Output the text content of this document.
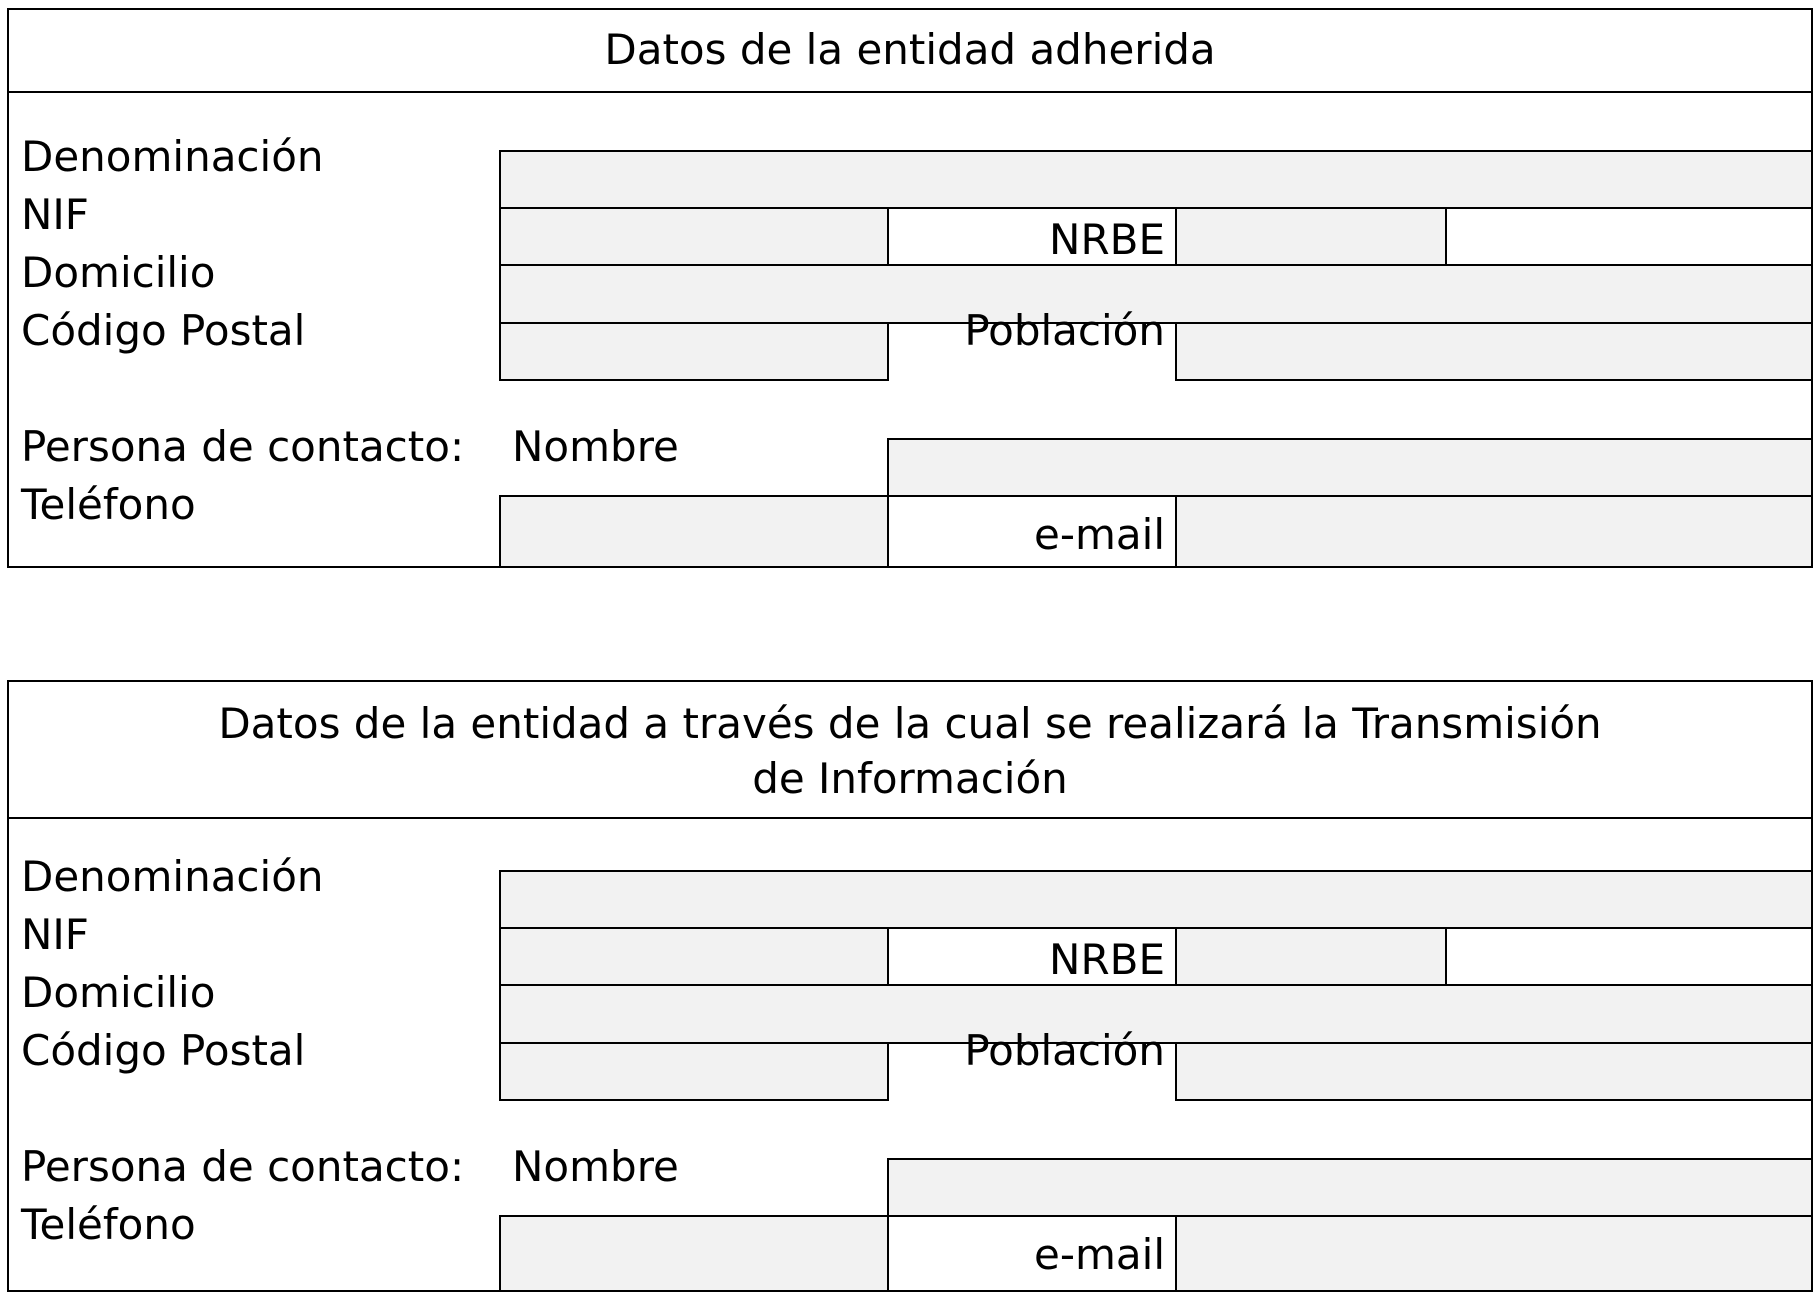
Datos de la entidad adherida
Denominación
NIF
NRBE
Domicilio
Código Postal	Población
Persona de contacto: Nombre
Teléfono
e-mail
Datos de la entidad a través de la cual se realizará la Transmisión
de Información
Denominación
NIF
NRBE
Domicilio
Código Postal	Población
Persona de contacto: Nombre
Teléfono
e-mail
